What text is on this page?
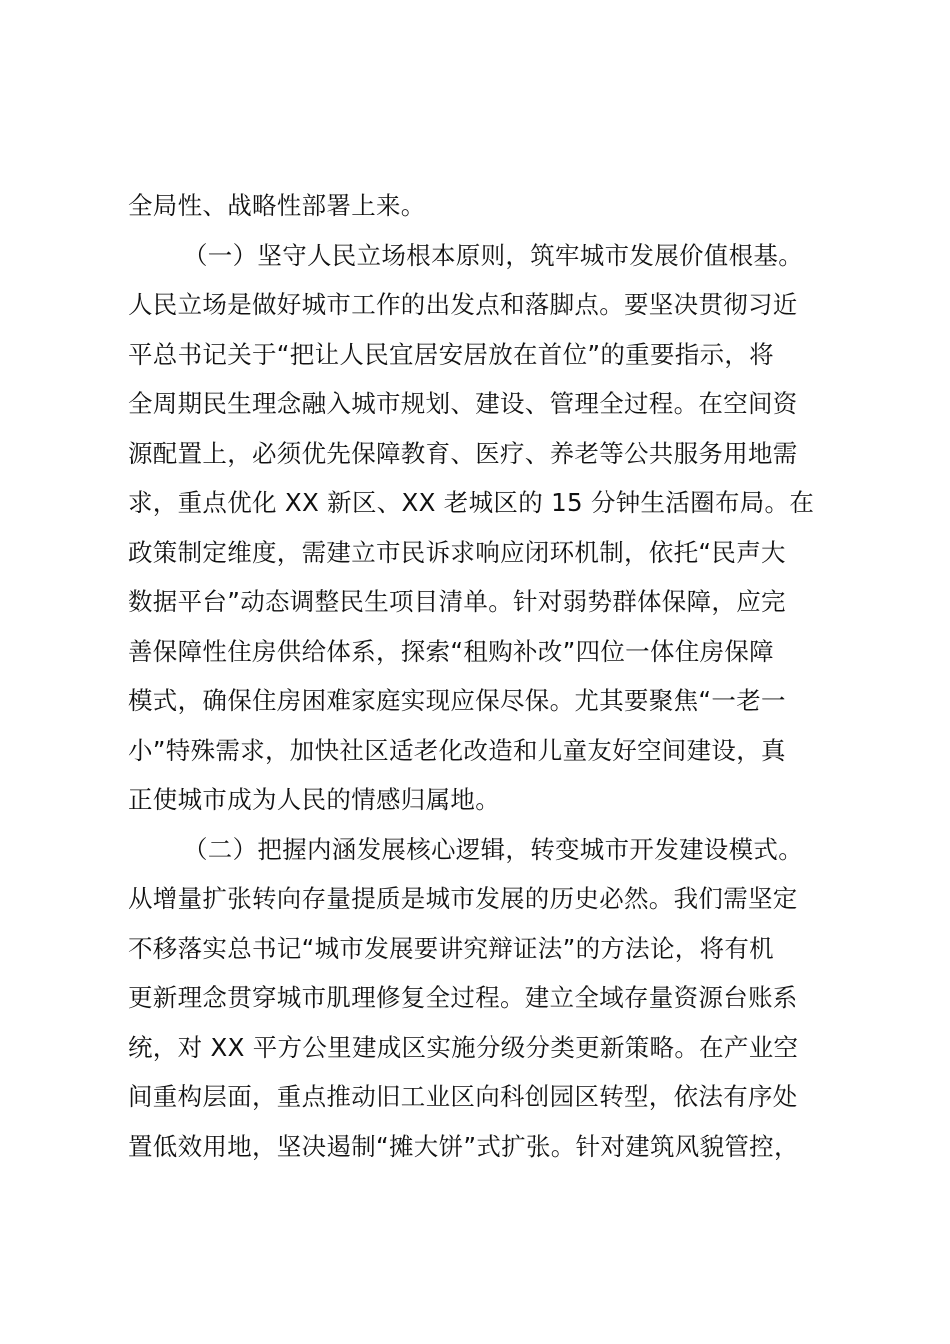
全局性、战略性部署上来。
（一）坚守人民立场根本原则，筑牢城市发展价值根基。
人民立场是做好城市工作的出发点和落脚点。要坚决贯彻习近
平总书记关于“把让人民宜居安居放在首位”的重要指示，将
全周期民生理念融入城市规划、建设、管理全过程。在空间资
源配置上，必须优先保障教育、医疗、养老等公共服务用地需
求，重点优化 XX 新区、XX 老城区的 15 分钟生活圈布局。在
政策制定维度，需建立市民诉求响应闭环机制，依托“民声大
数据平台”动态调整民生项目清单。针对弱势群体保障，应完
善保障性住房供给体系，探索“租购补改”四位一体住房保障
模式，确保住房困难家庭实现应保尽保。尤其要聚焦“一老一
小”特殊需求，加快社区适老化改造和儿童友好空间建设，真
正使城市成为人民的情感归属地。
（二）把握内涵发展核心逻辑，转变城市开发建设模式。
从增量扩张转向存量提质是城市发展的历史必然。我们需坚定
不移落实总书记“城市发展要讲究辩证法”的方法论，将有机
更新理念贯穿城市肌理修复全过程。建立全域存量资源台账系
统，对 XX 平方公里建成区实施分级分类更新策略。在产业空
间重构层面，重点推动旧工业区向科创园区转型，依法有序处
置低效用地，坚决遏制“摊大饼”式扩张。针对建筑风貌管控，
